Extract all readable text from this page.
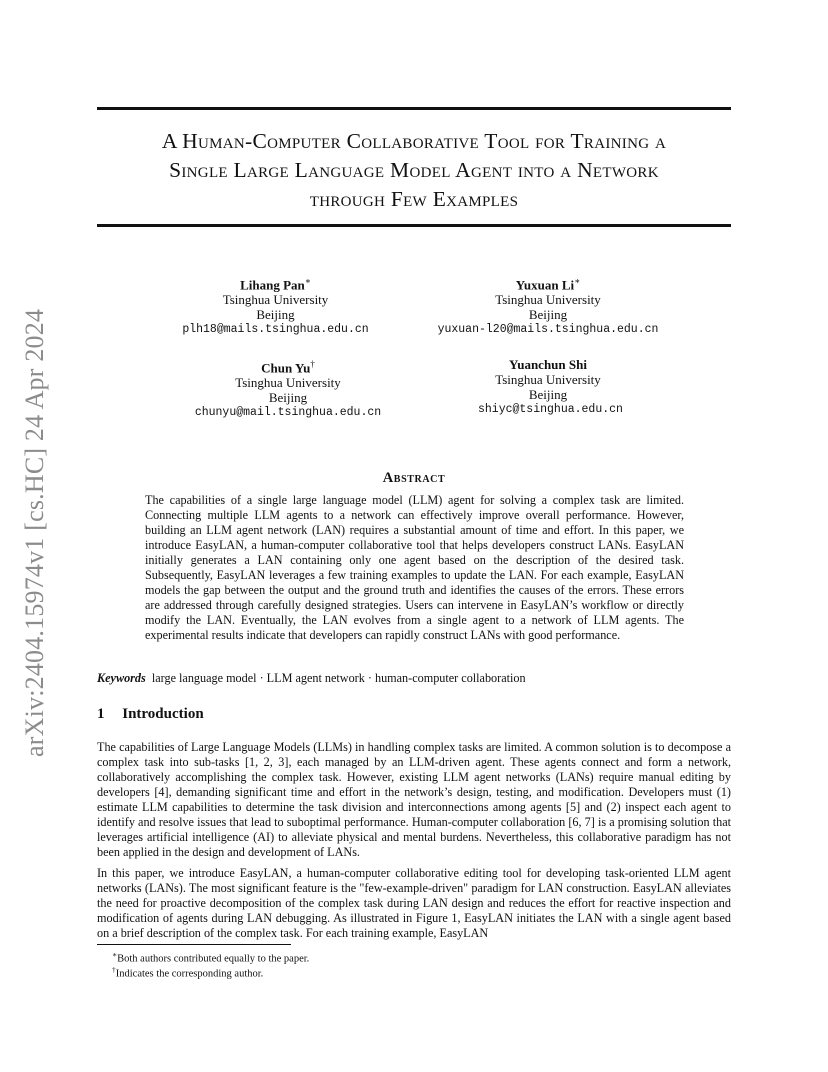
arXiv:2404.15974v1 [cs.HC] 24 Apr 2024
A Human-Computer Collaborative Tool for Training a
Single Large Language Model Agent into a Network
through Few Examples
Lihang Pan∗
Tsinghua University
Beijing
plh18@mails.tsinghua.edu.cn
Yuxuan Li∗
Tsinghua University
Beijing
yuxuan-l20@mails.tsinghua.edu.cn
Chun Yu†
Tsinghua University
Beijing
chunyu@mail.tsinghua.edu.cn
Yuanchun Shi
Tsinghua University
Beijing
shiyc@tsinghua.edu.cn
Abstract

The capabilities of a single large language model (LLM) agent for solving a complex task are limited. Connecting multiple LLM agents to a network can effectively improve overall performance. However, building an LLM agent network (LAN) requires a substantial amount of time and effort. In this paper, we introduce EasyLAN, a human-computer collaborative tool that helps developers construct LANs. EasyLAN initially generates a LAN containing only one agent based on the description of the desired task. Subsequently, EasyLAN leverages a few training examples to update the LAN. For each example, EasyLAN models the gap between the output and the ground truth and identifies the causes of the errors. These errors are addressed through carefully designed strategies. Users can intervene in EasyLAN’s workflow or directly modify the LAN. Eventually, the LAN evolves from a single agent to a network of LLM agents. The experimental results indicate that developers can rapidly construct LANs with good performance.

Keywords large language model · LLM agent network · human-computer collaboration
1 Introduction

The capabilities of Large Language Models (LLMs) in handling complex tasks are limited. A common solution is to decompose a complex task into sub-tasks [1, 2, 3], each managed by an LLM-driven agent. These agents connect and form a network, collaboratively accomplishing the complex task. However, existing LLM agent networks (LANs) require manual editing by developers [4], demanding significant time and effort in the network’s design, testing, and modification. Developers must (1) estimate LLM capabilities to determine the task division and interconnections among agents [5] and (2) inspect each agent to identify and resolve issues that lead to suboptimal performance. Human-computer collaboration [6, 7] is a promising solution that leverages artificial intelligence (AI) to alleviate physical and mental burdens. Nevertheless, this collaborative paradigm has not been applied in the design and development of LANs.

In this paper, we introduce EasyLAN, a human-computer collaborative editing tool for developing task-oriented LLM agent networks (LANs). The most significant feature is the "few-example-driven" paradigm for LAN construction. EasyLAN alleviates the need for proactive decomposition of the complex task during LAN design and reduces the effort for reactive inspection and modification of agents during LAN debugging. As illustrated in Figure 1, EasyLAN initiates the LAN with a single agent based on a brief description of the complex task. For each training example, EasyLAN

∗Both authors contributed equally to the paper.
†Indicates the corresponding author.
